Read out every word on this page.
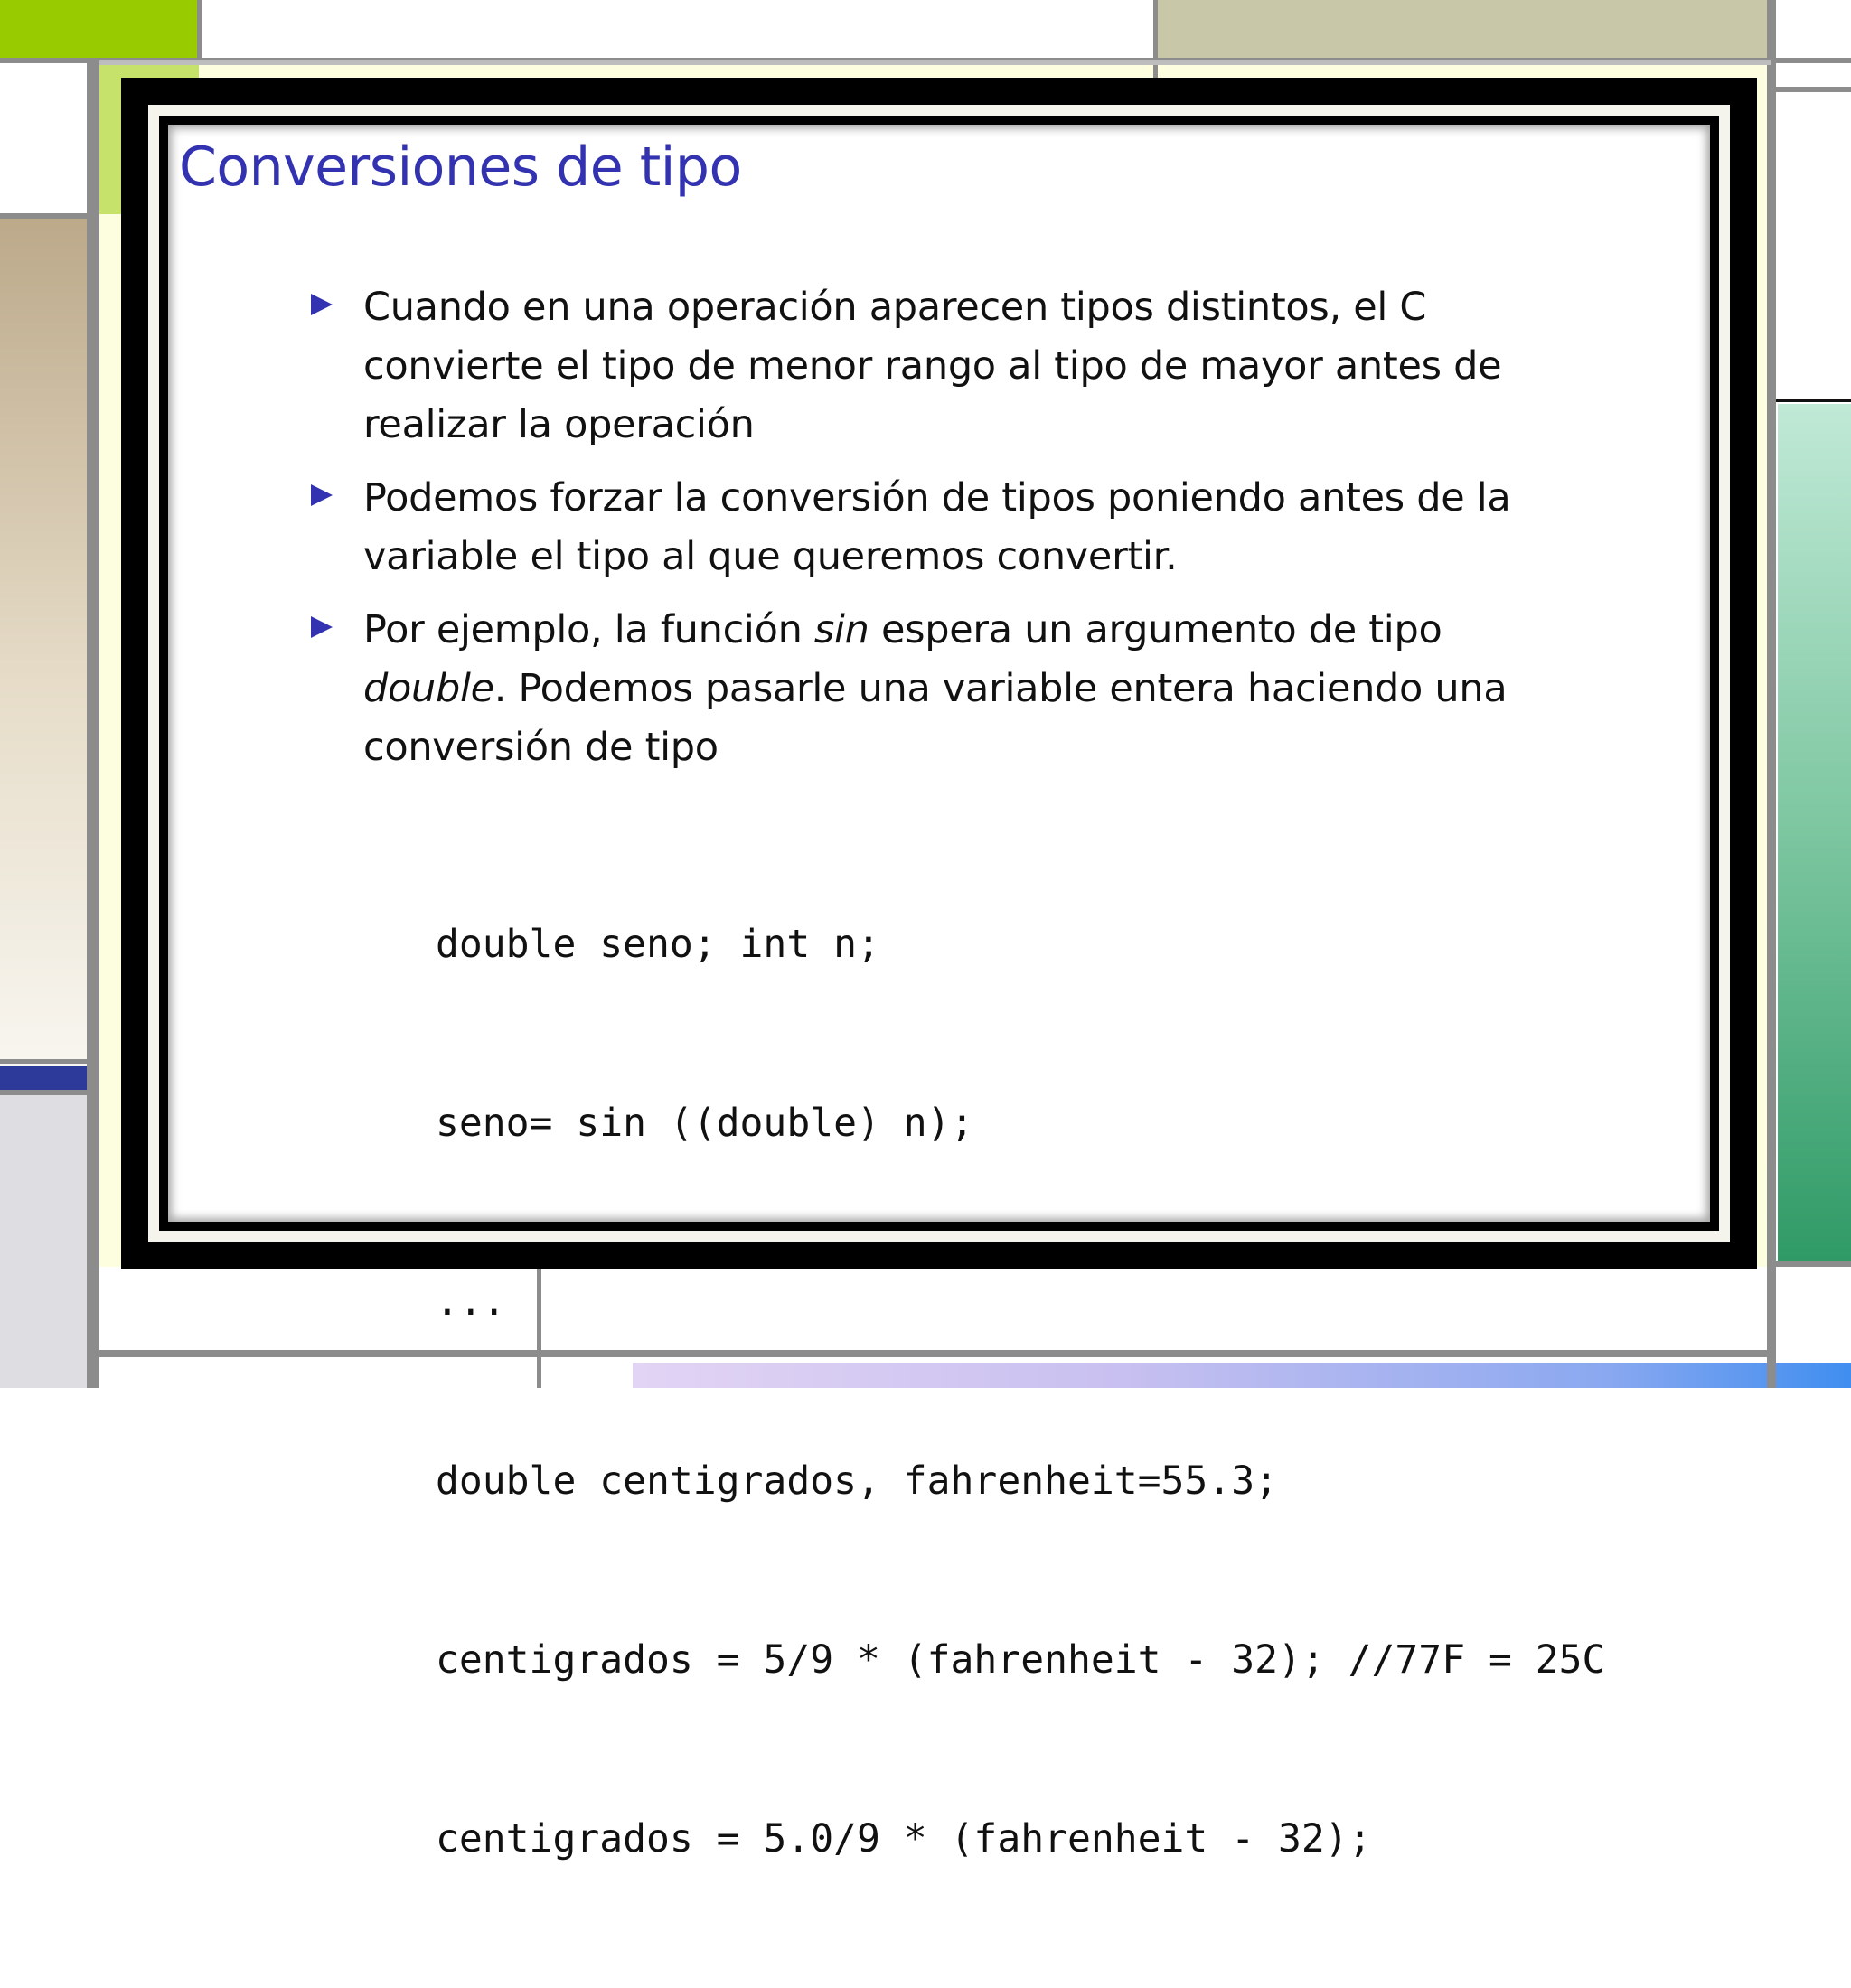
Conversiones de tipo
Cuando en una operación aparecen tipos distintos, el C convierte el tipo de menor rango al tipo de mayor antes de realizar la operación
Podemos forzar la conversión de tipos poniendo antes de la variable el tipo al que queremos convertir.
Por ejemplo, la función sin espera un argumento de tipo double. Podemos pasarle una variable entera haciendo una conversión de tipo

double seno; int n;

seno= sin ((double) n);

...

double centigrados, fahrenheit=55.3;

centigrados = 5/9 * (fahrenheit - 32); //77F = 25C

centigrados = 5.0/9 * (fahrenheit - 32);
